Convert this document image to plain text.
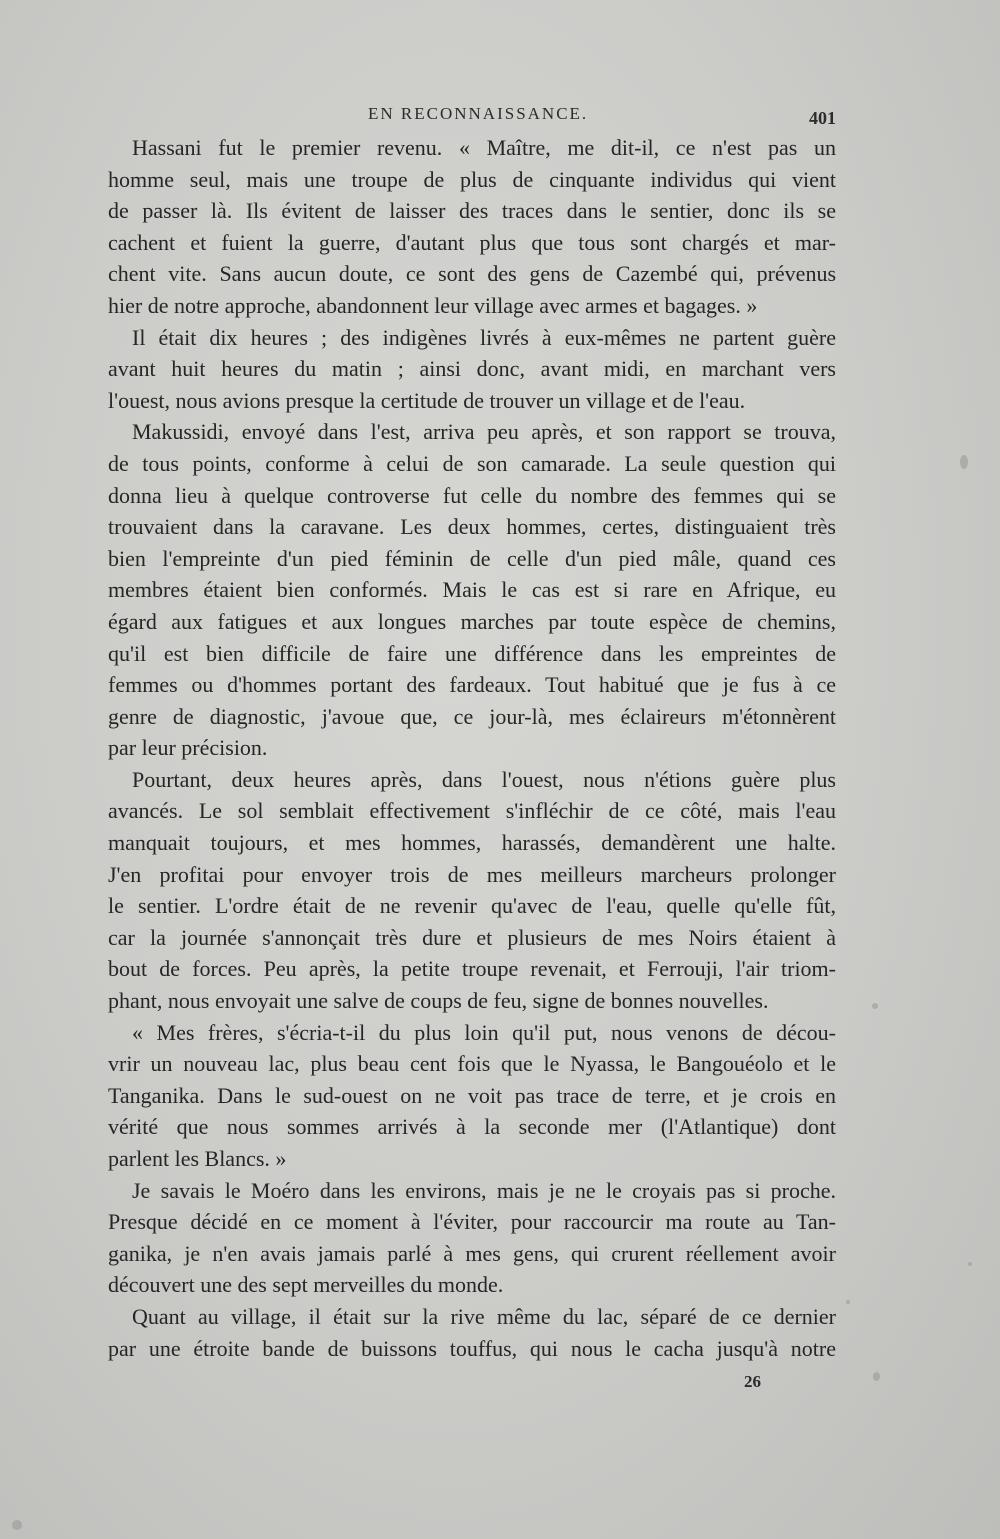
EN RECONNAISSANCE.	401
Hassani fut le premier revenu. « Maître, me dit-il, ce n'est pas un
homme seul, mais une troupe de plus de cinquante individus qui vient
de passer là. Ils évitent de laisser des traces dans le sentier, donc ils se
cachent et fuient la guerre, d'autant plus que tous sont chargés et mar-
chent vite. Sans aucun doute, ce sont des gens de Cazembé qui, prévenus
hier de notre approche, abandonnent leur village avec armes et bagages. »
Il était dix heures ; des indigènes livrés à eux-mêmes ne partent guère
avant huit heures du matin ; ainsi donc, avant midi, en marchant vers
l'ouest, nous avions presque la certitude de trouver un village et de l'eau.
Makussidi, envoyé dans l'est, arriva peu après, et son rapport se trouva,
de tous points, conforme à celui de son camarade. La seule question qui
donna lieu à quelque controverse fut celle du nombre des femmes qui se
trouvaient dans la caravane. Les deux hommes, certes, distinguaient très
bien l'empreinte d'un pied féminin de celle d'un pied mâle, quand ces
membres étaient bien conformés. Mais le cas est si rare en Afrique, eu
égard aux fatigues et aux longues marches par toute espèce de chemins,
qu'il est bien difficile de faire une différence dans les empreintes de
femmes ou d'hommes portant des fardeaux. Tout habitué que je fus à ce
genre de diagnostic, j'avoue que, ce jour-là, mes éclaireurs m'étonnèrent
par leur précision.
Pourtant, deux heures après, dans l'ouest, nous n'étions guère plus
avancés. Le sol semblait effectivement s'infléchir de ce côté, mais l'eau
manquait toujours, et mes hommes, harassés, demandèrent une halte.
J'en profitai pour envoyer trois de mes meilleurs marcheurs prolonger
le sentier. L'ordre était de ne revenir qu'avec de l'eau, quelle qu'elle fût,
car la journée s'annonçait très dure et plusieurs de mes Noirs étaient à
bout de forces. Peu après, la petite troupe revenait, et Ferrouji, l'air triom-
phant, nous envoyait une salve de coups de feu, signe de bonnes nouvelles.
« Mes frères, s'écria-t-il du plus loin qu'il put, nous venons de décou-
vrir un nouveau lac, plus beau cent fois que le Nyassa, le Bangouéolo et le
Tanganika. Dans le sud-ouest on ne voit pas trace de terre, et je crois en
vérité que nous sommes arrivés à la seconde mer (l'Atlantique) dont
parlent les Blancs. »
Je savais le Moéro dans les environs, mais je ne le croyais pas si proche.
Presque décidé en ce moment à l'éviter, pour raccourcir ma route au Tan-
ganika, je n'en avais jamais parlé à mes gens, qui crurent réellement avoir
découvert une des sept merveilles du monde.
Quant au village, il était sur la rive même du lac, séparé de ce dernier
par une étroite bande de buissons touffus, qui nous le cacha jusqu'à notre
26
